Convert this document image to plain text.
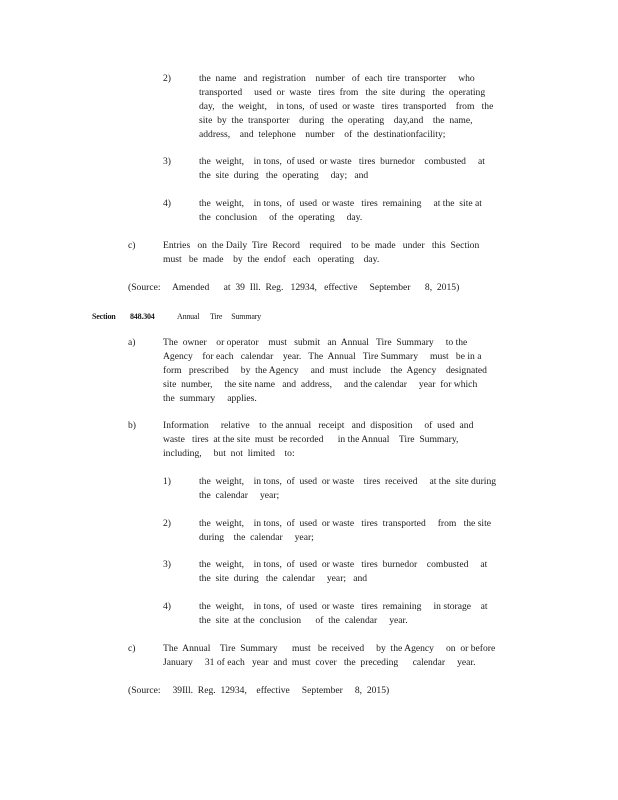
2)	the  name   and  registration    number   of  each  tire  transporter     who
transported     used  or  waste   tires  from   the  site  during   the  operating
day,   the  weight,    in tons,  of used  or waste   tires  transported    from   the
site  by  the  transporter    during   the  operating    day,and    the  name,
address,    and  telephone    number    of  the  destinationfacility;
3)	the  weight,    in tons,  of used  or waste   tires  burnedor    combusted     at
the  site  during   the  operating     day;   and
4)	the  weight,    in tons,  of  used  or waste   tires  remaining     at the  site at
the  conclusion     of  the  operating     day.
c)	Entries   on  the Daily  Tire  Record    required    to be  made   under   this  Section
must   be  made    by  the  endof   each   operating    day.
(Source:     Amended      at  39  Ill.  Reg.   12934,   effective     September      8,  2015)
Section 848.304	Annual      Tire     Summary
a)	The  owner    or operator    must   submit   an  Annual   Tire  Summary     to the
Agency    for each   calendar    year.   The  Annual   Tire Summary     must   be in a
form   prescribed     by  the Agency     and  must  include    the  Agency    designated
site  number,     the site name   and  address,     and the calendar     year  for which
the  summary     applies.
b)	Information     relative    to  the annual   receipt   and  disposition     of  used  and
waste   tires  at the site  must  be recorded      in the Annual    Tire  Summary,
including,     but  not  limited    to:
1)	the  weight,    in tons,  of  used  or waste    tires  received     at the  site during
the  calendar     year;
2)	the  weight,    in tons,  of  used  or waste   tires  transported     from   the site
during    the  calendar     year;
3)	the  weight,    in tons,  of  used  or waste   tires  burnedor    combusted     at
the  site  during   the  calendar     year;   and
4)	the  weight,    in tons,  of  used  or waste   tires  remaining     in storage    at
the  site  at the  conclusion      of  the  calendar     year.
c)	The  Annual    Tire  Summary      must   be  received     by  the Agency     on  or before
January     31 of each   year  and  must  cover   the  preceding      calendar     year.
(Source:     39Ill.  Reg.  12934,    effective     September     8,  2015)
